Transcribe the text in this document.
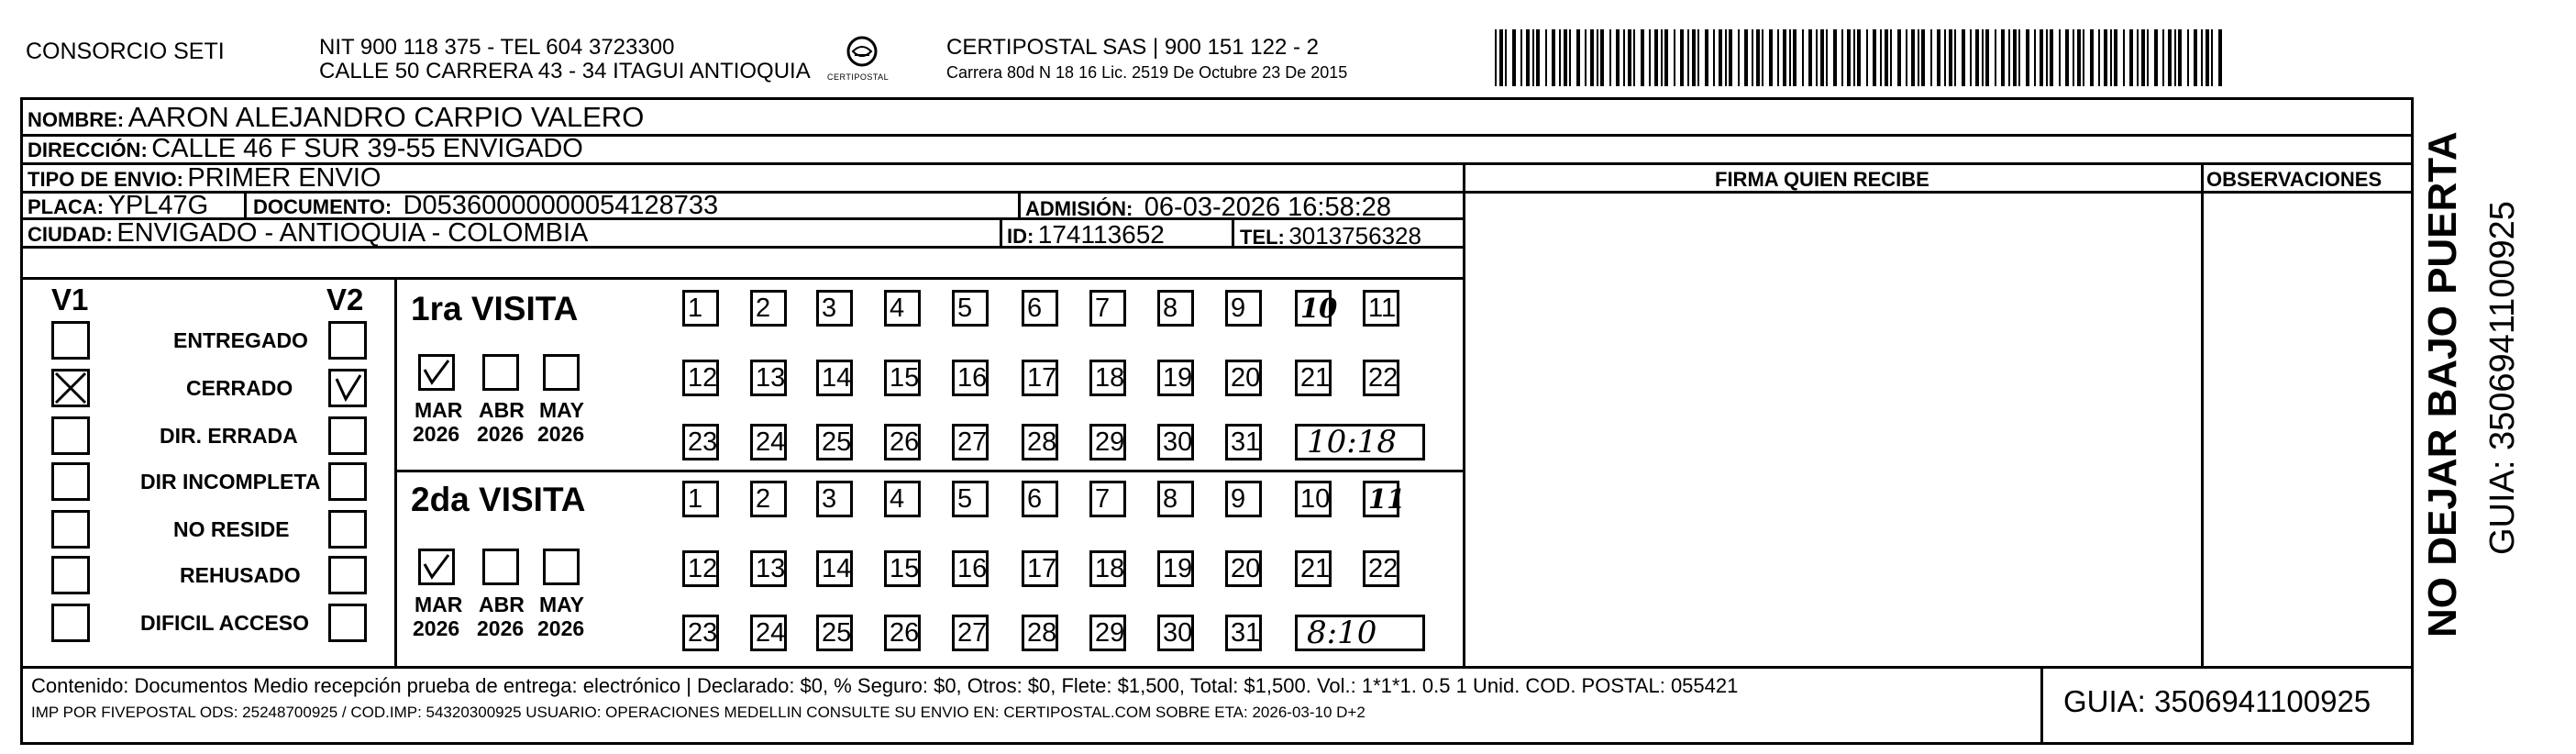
CONSORCIO SETI	NIT 900 118 375 - TEL 604 3723300
CALLE 50 CARRERA 43 - 34 ITAGUI ANTIOQUIA CERTIPOSTAL
CERTIPOSTAL SAS | 900 151 122 - 2
Carrera 80d N 18 16 Lic. 2519 De Octubre 23 De 2015
NOMBRE: AARON ALEJANDRO CARPIO VALERO
DIRECCIÓN: CALLE 46 F SUR 39-55 ENVIGADO
TIPO DE ENVIO: PRIMER ENVIO	FIRMA QUIEN RECIBE	OBSERVACIONES
PLACA: YPL47G DOCUMENTO: D05360000000054128733	ADMISIÓN: 06-03-2026 16:58:28
CIUDAD: ENVIGADO - ANTIOQUIA - COLOMBIA	ID: 174113652	TEL: 3013756328
V1	V2
ENTREGADO
CERRADO
DIR. ERRADA
DIR INCOMPLETA
NO RESIDE
REHUSADO
DIFICIL ACCESO
1ra VISITA
2da VISITA
MAR
2026
ABR
2026
MAY
2026
1	2	3	4	5	6	7	8	9	10 11
12 13 14 15 16 17 18 19 20 21 22
23 24 25 26 27 28 29 30 31	10:18
MAR
2026
ABR
2026
MAY
2026
1	2	3	4	5	6	7	8	9	10 11
12 13 14 15 16 17 18 19 20 21 22
23 24 25 26 27 28 29 30 31	8:10
Contenido: Documentos Medio recepción prueba de entrega: electrónico | Declarado: $0, % Seguro: $0, Otros: $0, Flete: $1,500, Total: $1,500. Vol.: 1*1*1. 0.5 1 Unid. COD. POSTAL: 055421
IMP POR FIVEPOSTAL ODS: 25248700925 / COD.IMP: 54320300925 USUARIO: OPERACIONES MEDELLIN CONSULTE SU ENVIO EN: CERTIPOSTAL.COM SOBRE ETA: 2026-03-10 D+2	GUIA: 3506941100925
NO DEJAR BAJO PUERTA GUIA: 3506941100925
